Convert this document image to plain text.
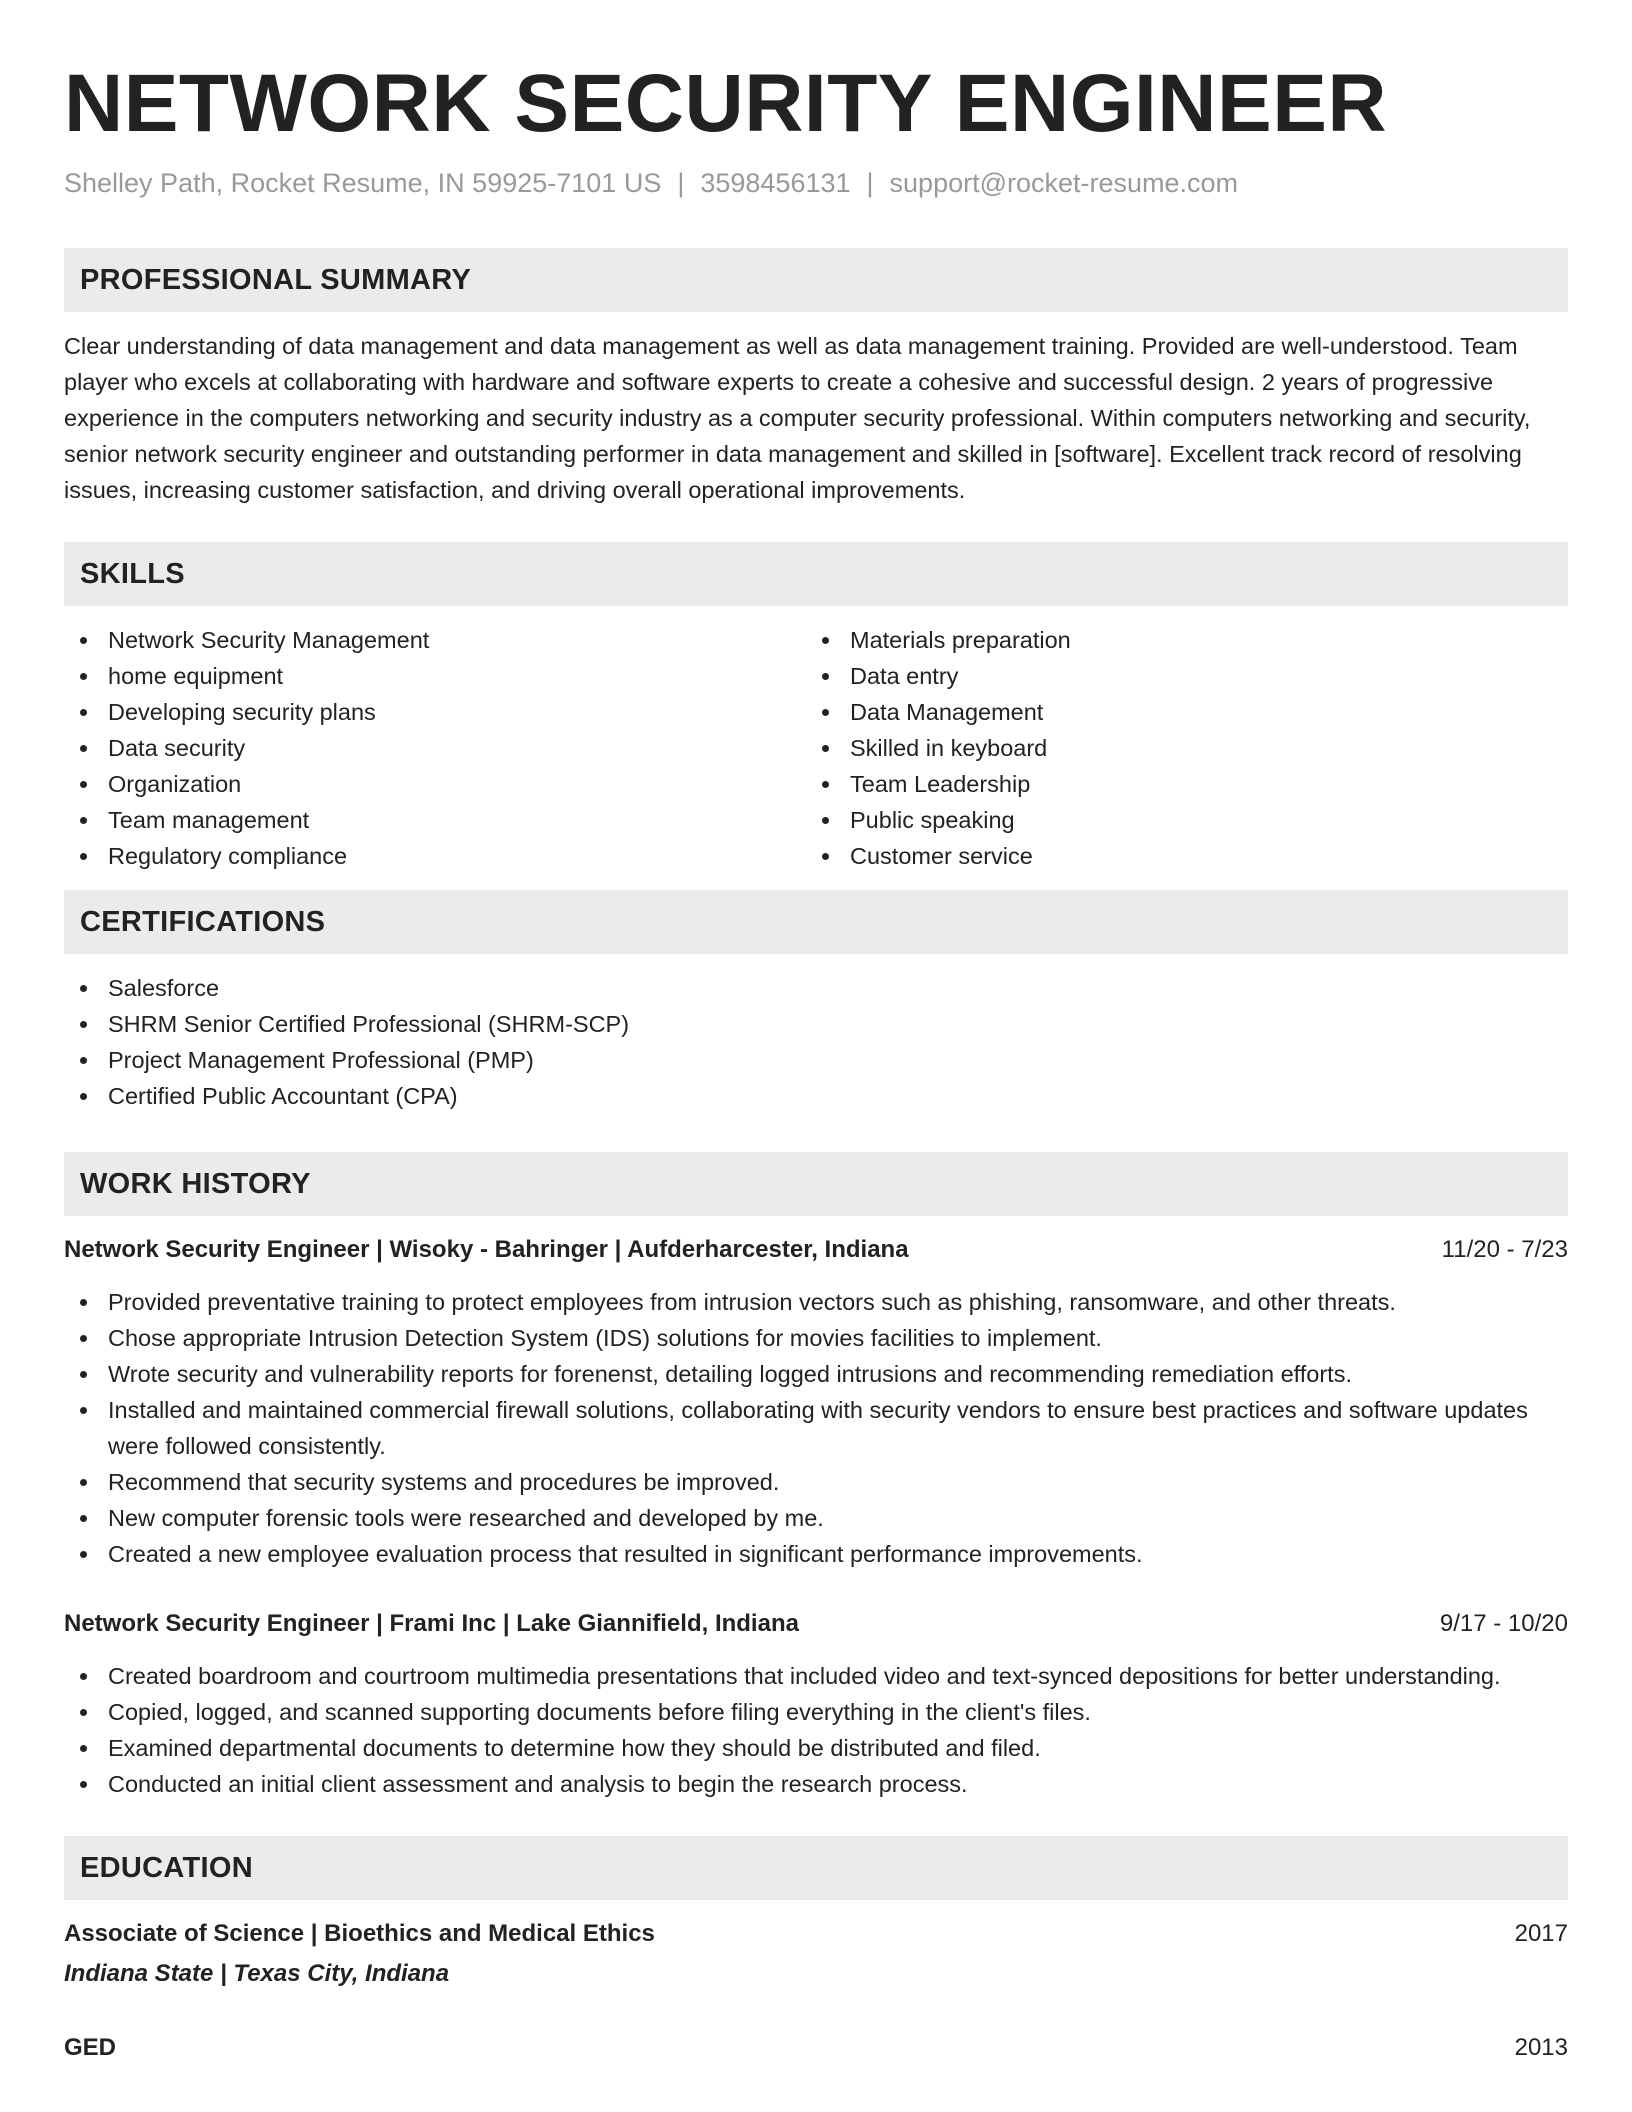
NETWORK SECURITY ENGINEER
Shelley Path, Rocket Resume, IN 59925-7101 US | 3598456131 | support@rocket-resume.com
PROFESSIONAL SUMMARY
Clear understanding of data management and data management as well as data management training. Provided are well-understood. Team player who excels at collaborating with hardware and software experts to create a cohesive and successful design. 2 years of progressive experience in the computers networking and security industry as a computer security professional. Within computers networking and security, senior network security engineer and outstanding performer in data management and skilled in [software]. Excellent track record of resolving issues, increasing customer satisfaction, and driving overall operational improvements.
SKILLS
Network Security Management
home equipment
Developing security plans
Data security
Organization
Team management
Regulatory compliance
Materials preparation
Data entry
Data Management
Skilled in keyboard
Team Leadership
Public speaking
Customer service
CERTIFICATIONS
Salesforce
SHRM Senior Certified Professional (SHRM-SCP)
Project Management Professional (PMP)
Certified Public Accountant (CPA)
WORK HISTORY
Network Security Engineer | Wisoky - Bahringer | Aufderharcester, Indiana	11/20 - 7/23
Provided preventative training to protect employees from intrusion vectors such as phishing, ransomware, and other threats.
Chose appropriate Intrusion Detection System (IDS) solutions for movies facilities to implement.
Wrote security and vulnerability reports for forenenst, detailing logged intrusions and recommending remediation efforts.
Installed and maintained commercial firewall solutions, collaborating with security vendors to ensure best practices and software updates were followed consistently.
Recommend that security systems and procedures be improved.
New computer forensic tools were researched and developed by me.
Created a new employee evaluation process that resulted in significant performance improvements.
Network Security Engineer | Frami Inc | Lake Giannifield, Indiana	9/17 - 10/20
Created boardroom and courtroom multimedia presentations that included video and text-synced depositions for better understanding.
Copied, logged, and scanned supporting documents before filing everything in the client's files.
Examined departmental documents to determine how they should be distributed and filed.
Conducted an initial client assessment and analysis to begin the research process.
EDUCATION
Associate of Science | Bioethics and Medical Ethics	2017
Indiana State | Texas City, Indiana
GED	2013
